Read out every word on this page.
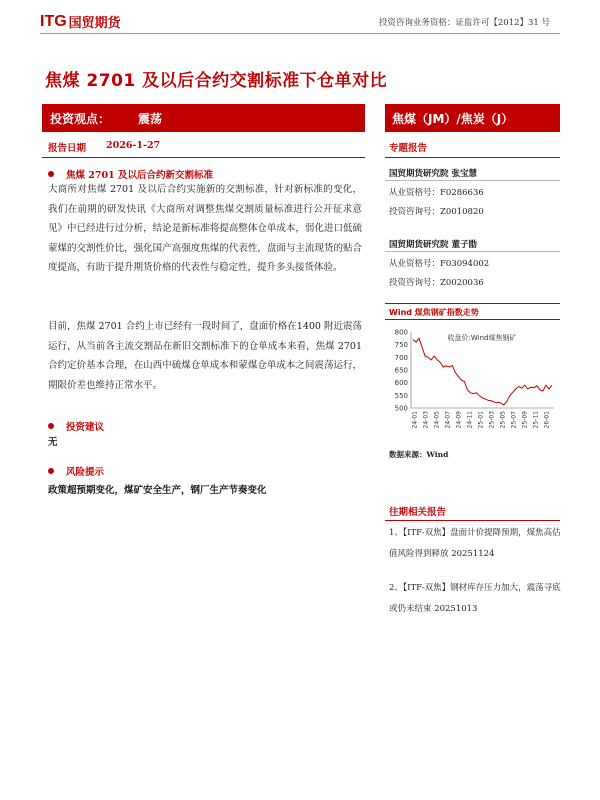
ITG 国贸期货	投资咨询业务资格：证监许可【2012】31 号
焦煤 2701 及以后合约交割标准下仓单对比
投资观点： 震荡	焦煤（JM）/焦炭（J）
报告日期 2026-1-27
焦煤 2701 及以后合约新交割标准
大商所对焦煤 2701 及以后合约实施新的交割标准，针对新标准的变化，我们在前期的研发快讯《大商所对调整焦煤交割质量标准进行公开征求意见》中已经进行过分析，结论是新标准将提高整体仓单成本，弱化进口低硫蒙煤的交割性价比，强化国产高强度焦煤的代表性，盘面与主流现货的贴合度提高，有助于提升期货价格的代表性与稳定性，提升多头接货体验。
目前，焦煤 2701 合约上市已经有一段时间了，盘面价格在1400 附近震荡运行，从当前各主流交割品在新旧交割标准下的仓单成本来看，焦煤 2701 合约定价基本合理，在山西中硫煤仓单成本和蒙煤仓单成本之间震荡运行，期限价差也维持正常水平。
投资建议
无
风险提示
政策超预期变化，煤矿安全生产，钢厂生产节奏变化
专题报告
国贸期货研究院 张宝慧
从业资格号：F0286636
投资咨询号：Z0010820
国贸期货研究院 董子勖
从业资格号：F03094002
投资咨询号：Z0020036
Wind 煤焦钢矿指数走势
800
750
700
650
600
550
500
24-01 24-03 24-05 24-07 24-09 24-11 25-01 25-03 25-05 25-07 25-09 25-11 26-01
收盘价:Wind煤焦钢矿
数据来源：Wind
往期相关报告
1、【ITF-双焦】盘面计价提降预期，煤焦高估值风险得到释放 20251124
2、【ITF-双焦】钢材库存压力加大，震荡寻底或仍未结束 20251013
